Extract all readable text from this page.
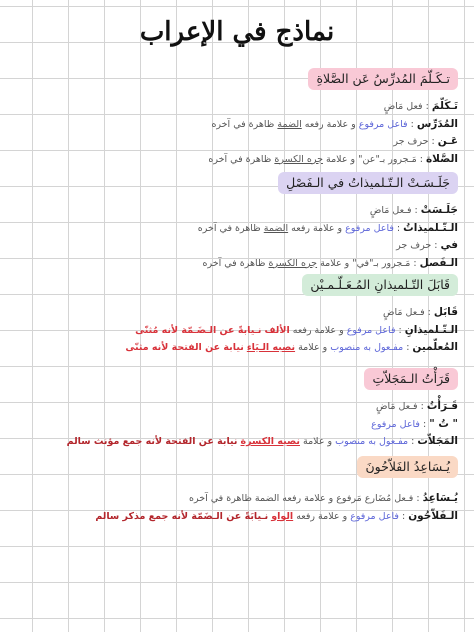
نماذج في الإعراب
تـكَـلّمَ المُدرِّسُ عَن الصَّلاةِ
تَـكَلّمَ : فعل مَاضٍ
المُدَرِّس : فاعل مرفوع و علامة رفعه الضمة ظاهرة في آخره
عَـن : حرف جر
الصَّلاة : مَـجرور بـ"عن" و علامة جره الكسرة ظاهرة في آخره
جَلَـسَـتْ الـتّـلميذاتُ في الـفَصْلِ
جَلَـسَتْ : فـعل مَاضٍ
الـتّـلميذاتُ : فاعل مرفوع و علامة رفعه الضمة ظاهرة في آخره
في : حرف جر
الـفَصل : مَـجرور بـ"في" و علامة جره الكسرة ظاهرة في آخره
قَابَلَ التّـلميذانِ المُـعَـلّـمـيْن
قَابَل : فـعل مَاضٍ
الـتّـلميذانِ : فاعل مرفوع و علامة رفعه الألف نـيابةً عن الـضَـمّة لأنه مُثنّى
المُعلّمين : مفـعول به منصوب و علامة نصبه الـيَاء نيابة عن الفتحة لأنه مثنّى
قَرَأْتُ الـمَجَلاّتِ
قَـرَأْتُ : فـعل مَاضٍ
" تُ " : فاعل مرفوع
المَجَلاّت : مفـعول به منصوب و علامة نصبه الكسرة نيابة عن الفتحة لأنه جمع مؤنث سالم
يُـسَاعِدُ الفَلاّحُونَ
يُـسَاعِدُ : فـعل مُضَارع مَرفوع و علامة رفعه الضمة ظاهرة في آخره
الـفَلاّحُون : فاعل مرفوع و علامة رفعه الواو نـيابَةً عن الـضَمّة لأنه جمع مذكر سالم
